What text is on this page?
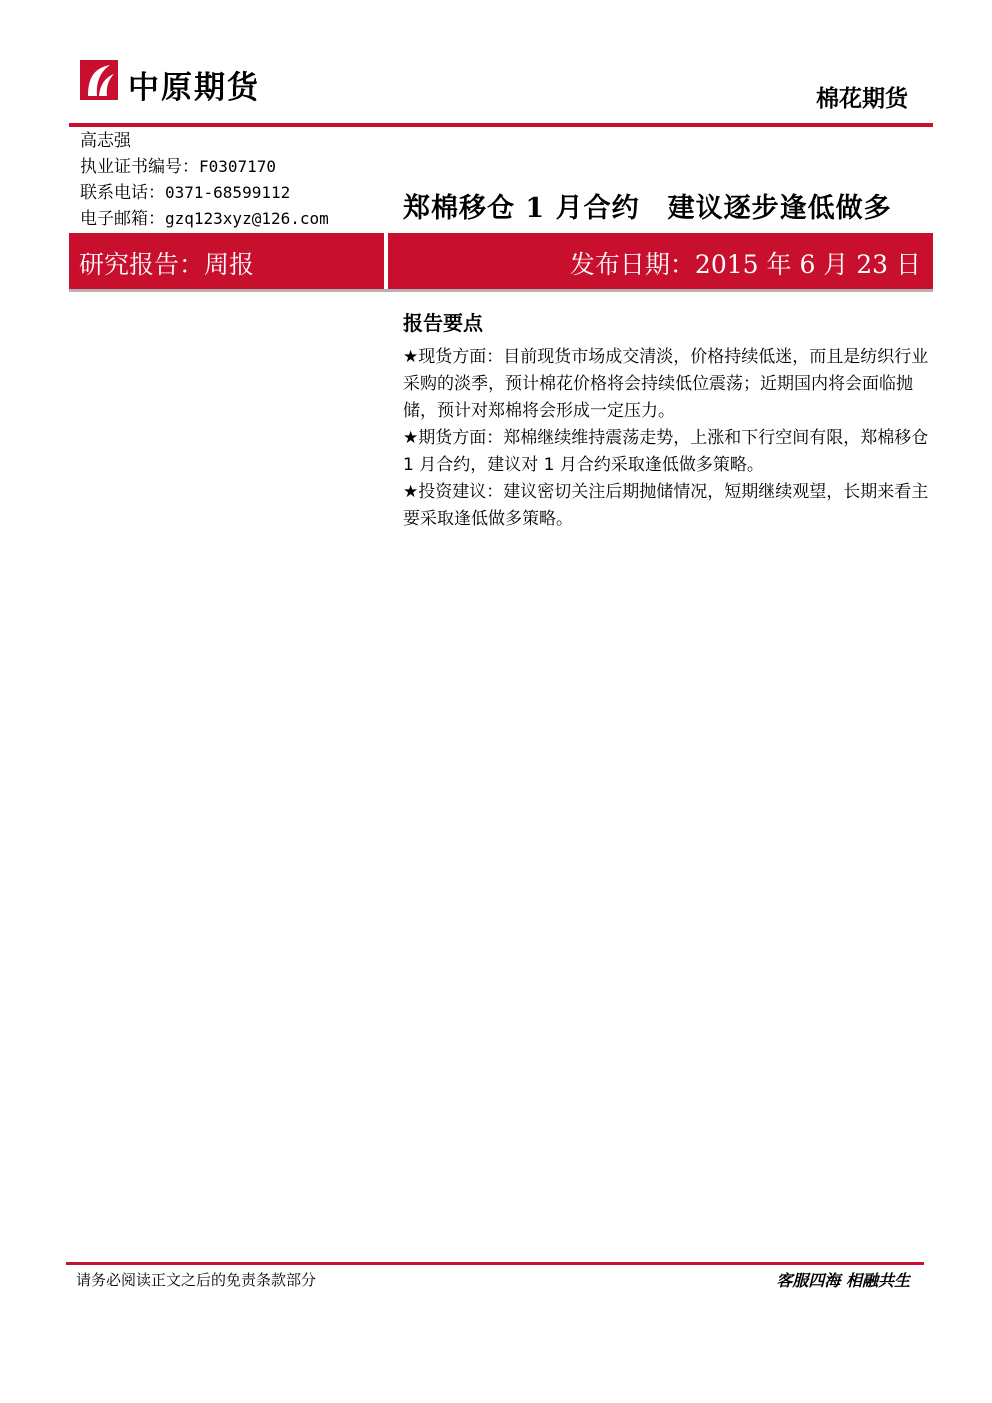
中原期货	棉花期货
高志强
执业证书编号：F0307170
联系电话：0371-68599112
电子邮箱：gzq123xyz@126.com	郑棉移仓 1 月合约　建议逐步逢低做多
研究报告：周报	发布日期：2015 年 6 月 23 日
报告要点

★现货方面：目前现货市场成交清淡，价格持续低迷，而且是纺织行业采购的淡季，预计棉花价格将会持续低位震荡；近期国内将会面临抛储，预计对郑棉将会形成一定压力。

★期货方面：郑棉继续维持震荡走势，上涨和下行空间有限，郑棉移仓 1 月合约，建议对 1 月合约采取逢低做多策略。

★投资建议：建议密切关注后期抛储情况，短期继续观望，长期来看主要采取逢低做多策略。

请务必阅读正文之后的免责条款部分	客服四海 相融共生
